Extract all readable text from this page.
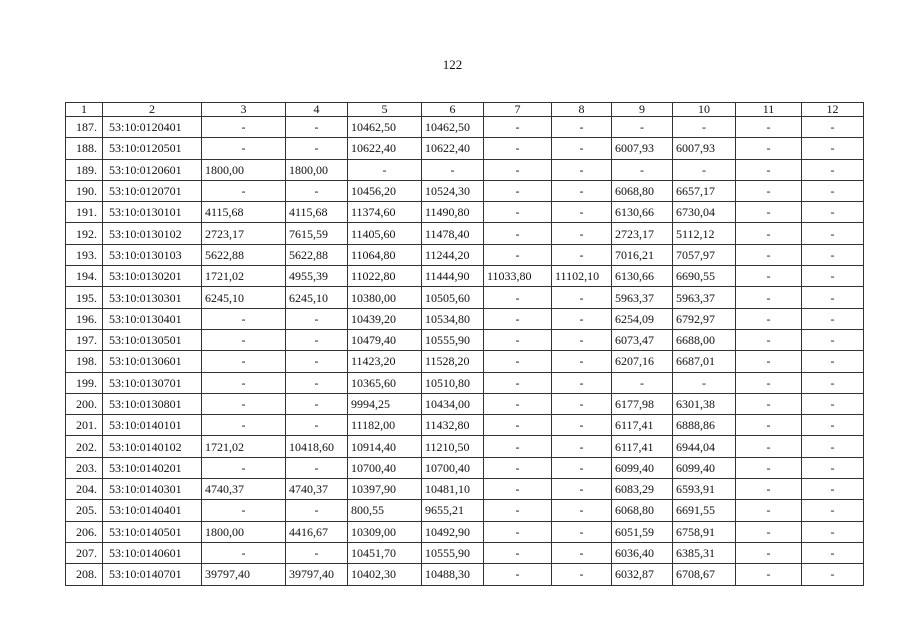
122
1	2	3	4	5	6	7	8	9	10	11	12
187.	53:10:0120401	-	-	10462,50	10462,50	-	-	-	-	-	-
188.	53:10:0120501	-	-	10622,40	10622,40	-	-	6007,93	6007,93	-	-
189.	53:10:0120601	1800,00	1800,00	-	-	-	-	-	-	-	-
190.	53:10:0120701	-	-	10456,20	10524,30	-	-	6068,80	6657,17	-	-
191.	53:10:0130101	4115,68	4115,68	11374,60	11490,80	-	-	6130,66	6730,04	-	-
192.	53:10:0130102	2723,17	7615,59	11405,60	11478,40	-	-	2723,17	5112,12	-	-
193.	53:10:0130103	5622,88	5622,88	11064,80	11244,20	-	-	7016,21	7057,97	-	-
194.	53:10:0130201	1721,02	4955,39	11022,80	11444,90	11033,80	11102,10	6130,66	6690,55	-	-
195.	53:10:0130301	6245,10	6245,10	10380,00	10505,60	-	-	5963,37	5963,37	-	-
196.	53:10:0130401	-	-	10439,20	10534,80	-	-	6254,09	6792,97	-	-
197.	53:10:0130501	-	-	10479,40	10555,90	-	-	6073,47	6688,00	-	-
198.	53:10:0130601	-	-	11423,20	11528,20	-	-	6207,16	6687,01	-	-
199.	53:10:0130701	-	-	10365,60	10510,80	-	-	-	-	-	-
200.	53:10:0130801	-	-	9994,25	10434,00	-	-	6177,98	6301,38	-	-
201.	53:10:0140101	-	-	11182,00	11432,80	-	-	6117,41	6888,86	-	-
202.	53:10:0140102	1721,02	10418,60	10914,40	11210,50	-	-	6117,41	6944,04	-	-
203.	53:10:0140201	-	-	10700,40	10700,40	-	-	6099,40	6099,40	-	-
204.	53:10:0140301	4740,37	4740,37	10397,90	10481,10	-	-	6083,29	6593,91	-	-
205.	53:10:0140401	-	-	800,55	9655,21	-	-	6068,80	6691,55	-	-
206.	53:10:0140501	1800,00	4416,67	10309,00	10492,90	-	-	6051,59	6758,91	-	-
207.	53:10:0140601	-	-	10451,70	10555,90	-	-	6036,40	6385,31	-	-
208.	53:10:0140701	39797,40	39797,40	10402,30	10488,30	-	-	6032,87	6708,67	-	-
